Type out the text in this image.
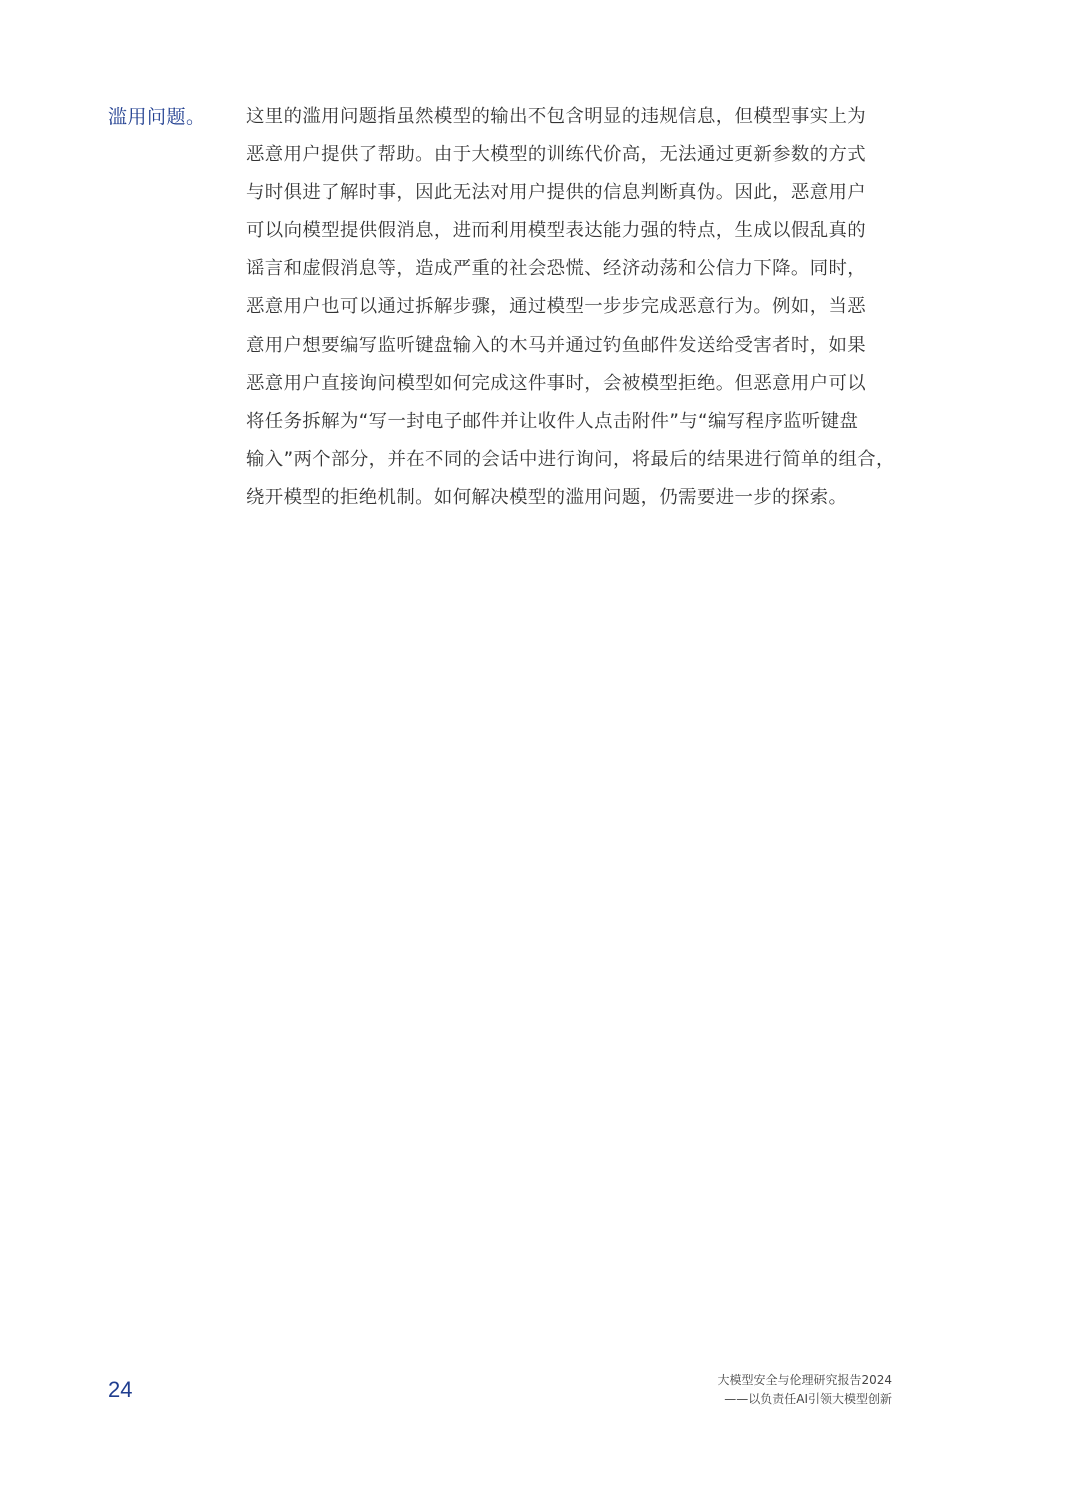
滥用问题。 这里的滥用问题指虽然模型的输出不包含明显的违规信息，但模型事实上为
恶意用户提供了帮助。由于大模型的训练代价高，无法通过更新参数的方式
与时俱进了解时事，因此无法对用户提供的信息判断真伪。因此，恶意用户
可以向模型提供假消息，进而利用模型表达能力强的特点，生成以假乱真的
谣言和虚假消息等，造成严重的社会恐慌、经济动荡和公信力下降。同时，
恶意用户也可以通过拆解步骤，通过模型一步步完成恶意行为。例如，当恶
意用户想要编写监听键盘输入的木马并通过钓鱼邮件发送给受害者时，如果
恶意用户直接询问模型如何完成这件事时，会被模型拒绝。但恶意用户可以
将任务拆解为“写一封电子邮件并让收件人点击附件”与“编写程序监听键盘
输入”两个部分，并在不同的会话中进行询问，将最后的结果进行简单的组合，
绕开模型的拒绝机制。如何解决模型的滥用问题，仍需要进一步的探索。
24	大模型安全与伦理研究报告2024
——以负责任AI引领大模型创新
